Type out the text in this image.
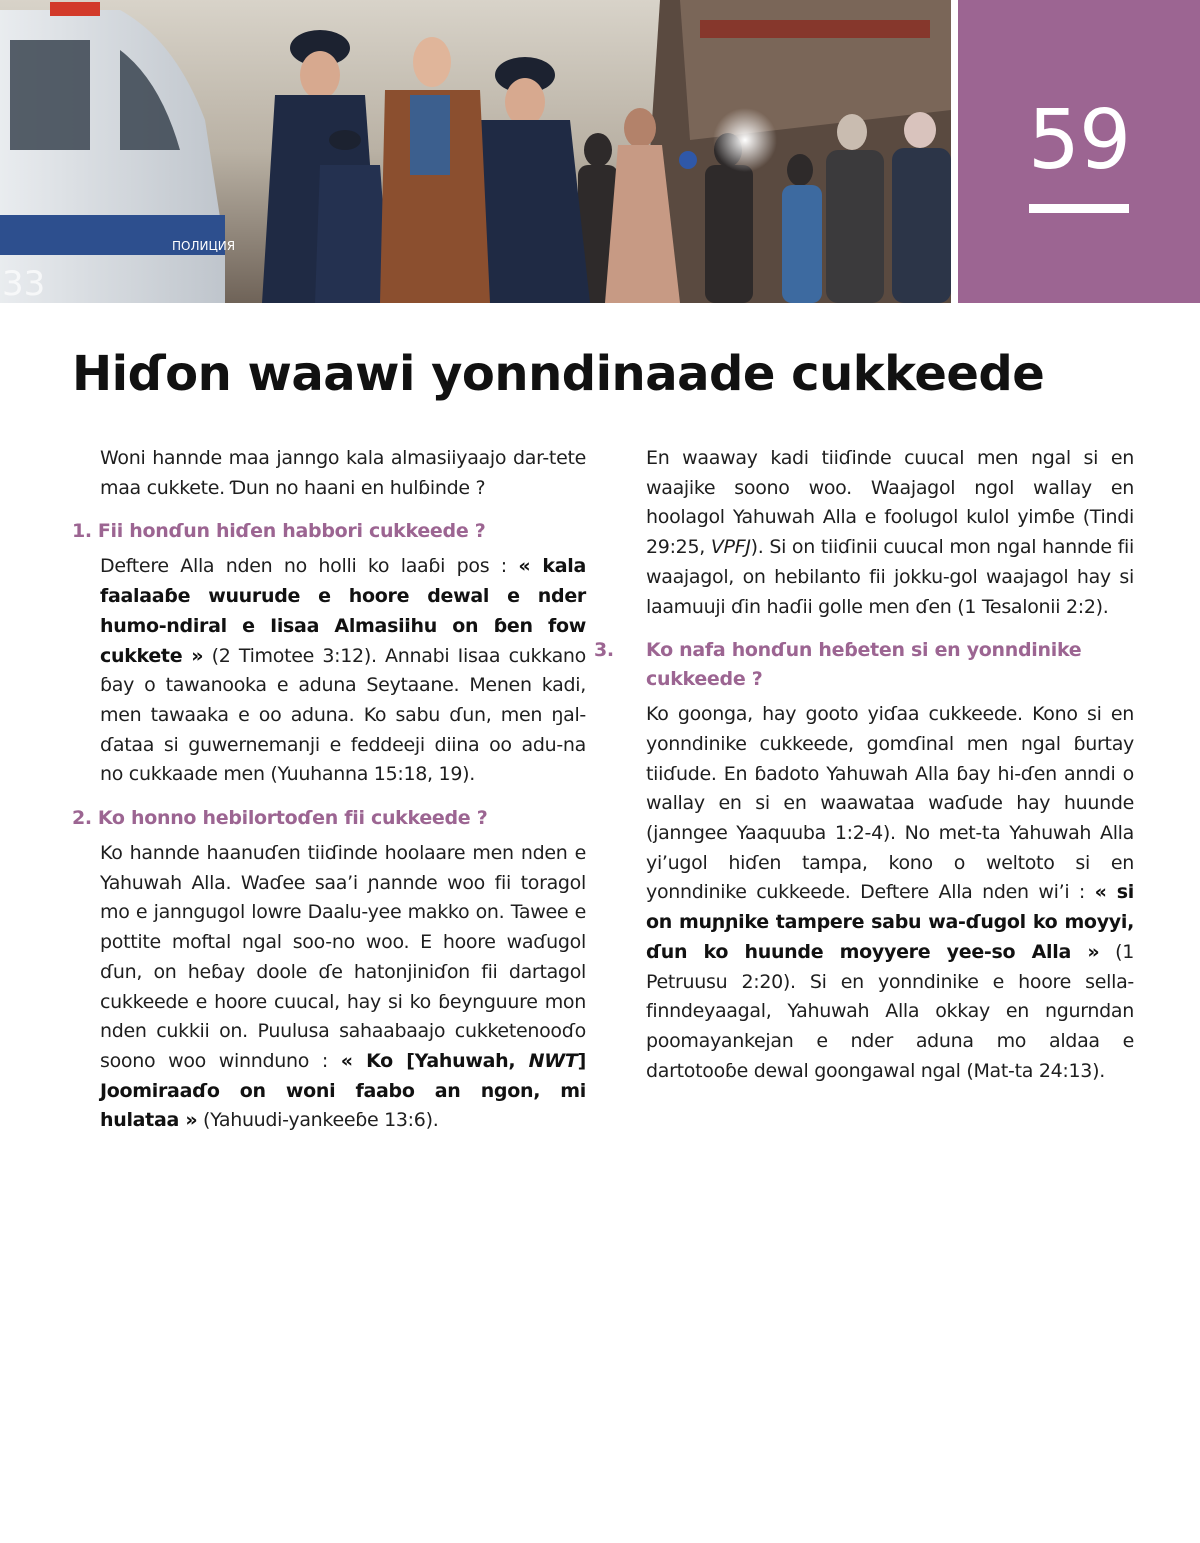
ПОЛИЦИЯ
33
59
Hiɗon waawi yonndinaade cukkeede

Woni hannde maa janngo kala almasiiyaajo dar-tete maa cukkete. Ɗun no haani en hulɓinde ?

1. Fii honɗun hiɗen habbori cukkeede ?

Deftere Alla nden no holli ko laaɓi pos : « kala faalaaɓe wuurude e hoore dewal e nder humo-ndiral e Iisaa Almasiihu on ɓen fow cukkete » (2 Timotee 3:12). Annabi Iisaa cukkano ɓay o tawanooka e aduna Seytaane. Menen kadi, men tawaaka e oo aduna. Ko sabu ɗun, men ŋal-ɗataa si guwernemanji e feddeeji diina oo adu-na no cukkaade men (Yuuhanna 15:18, 19).

2. Ko honno hebilortoɗen fii cukkeede ?

Ko hannde haanuɗen tiiɗinde hoolaare men nden e Yahuwah Alla. Waɗee saa’i ɲannde woo fii toragol mo e janngugol lowre Daalu-yee makko on. Tawee e pottite moftal ngal soo-no woo. E hoore waɗugol ɗun, on heɓay doole ɗe hatonjiniɗon fii dartagol cukkeede e hoore cuucal, hay si ko ɓeynguure mon nden cukkii on. Puulusa sahaabaajo cukketenooɗo soono woo winnduno : « Ko [Yahuwah, NWT] Joomiraaɗo on woni faabo an ngon, mi hulataa » (Yahuudi-yankeeɓe 13:6).

En waaway kadi tiiɗinde cuucal men ngal si en waajike soono woo. Waajagol ngol wallay en hoolagol Yahuwah Alla e foolugol kulol yimɓe (Tindi 29:25, VPFJ). Si on tiiɗinii cuucal mon ngal hannde fii waajagol, on hebilanto fii jokku-gol waajagol hay si laamuuji ɗin haɗii golle men ɗen (1 Tesalonii 2:2).

3. Ko nafa honɗun heɓeten si en yonndinike cukkeede ?

Ko goonga, hay gooto yiɗaa cukkeede. Kono si en yonndinike cukkeede, gomɗinal men ngal ɓurtay tiiɗude. En ɓadoto Yahuwah Alla ɓay hi-ɗen anndi o wallay en si en waawataa waɗude hay huunde (janngee Yaaquuba 1:2-4). No met-ta Yahuwah Alla yi’ugol hiɗen tampa, kono o weltoto si en yonndinike cukkeede. Deftere Alla nden wi’i : « si on muɲɲike tampere sabu wa-ɗugol ko moyyi, ɗun ko huunde moyyere yee-so Alla » (1 Petruusu 2:20). Si en yonndinike e hoore sella-finndeyaagal, Yahuwah Alla okkay en ngurndan poomayankejan e nder aduna mo aldaa e dartotooɓe dewal goongawal ngal (Mat-ta 24:13).
